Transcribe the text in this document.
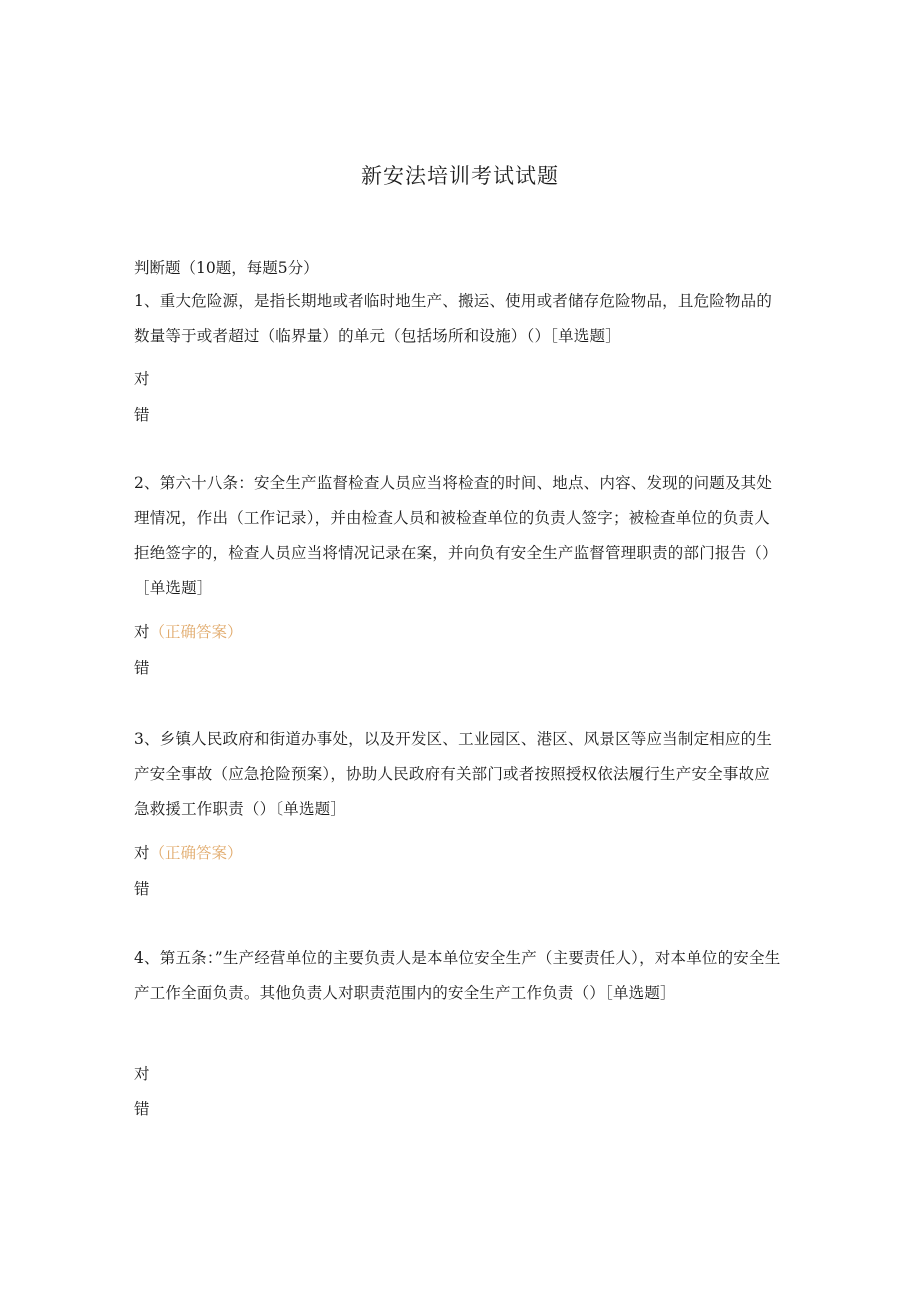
新安法培训考试试题
判断题（10题，每题5分）
1、重大危险源，是指长期地或者临时地生产、搬运、使用或者储存危险物品，且危险物品的数量等于或者超过（临界量）的单元（包括场所和设施）（）［单选题］
对
错
2、第六十八条：安全生产监督检查人员应当将检查的时间、地点、内容、发现的问题及其处理情况，作出（工作记录），并由检查人员和被检查单位的负责人签字；被检查单位的负责人拒绝签字的，检查人员应当将情况记录在案，并向负有安全生产监督管理职责的部门报告（）［单选题］
对（正确答案）
错
3、乡镇人民政府和街道办事处，以及开发区、工业园区、港区、风景区等应当制定相应的生产安全事故（应急抢险预案），协助人民政府有关部门或者按照授权依法履行生产安全事故应急救援工作职责（）〔单选题］
对（正确答案）
错
4、第五条：”生产经营单位的主要负责人是本单位安全生产（主要责任人），对本单位的安全生产工作全面负责。其他负责人对职责范围内的安全生产工作负责（）［单选题］
对
错
